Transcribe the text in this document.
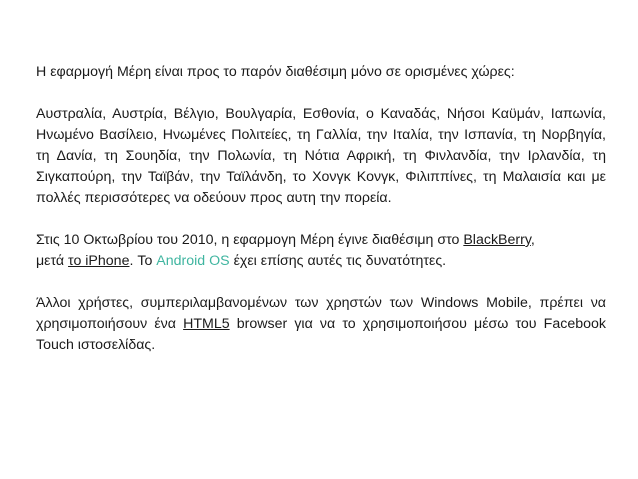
Η εφαρμογή Μέρη είναι προς το παρόν διαθέσιμη μόνο σε ορισμένες χώρες:

Αυστραλία, Αυστρία, Βέλγιο, Βουλγαρία, Εσθονία, ο Καναδάς, Νήσοι Καϋμάν, Ιαπωνία, Ηνωμένο Βασίλειο, Ηνωμένες Πολιτείες, τη Γαλλία, την Ιταλία, την Ισπανία, τη Νορβηγία, τη Δανία, τη Σουηδία, την Πολωνία, τη Νότια Αφρική, τη Φινλανδία, την Ιρλανδία, τη Σιγκαπούρη, την Ταϊβάν, την Ταϊλάνδη, το Χονγκ Κονγκ, Φιλιππίνες, τη Μαλαισία και με πολλές περισσότερες να οδεύουν προς αυτη την πορεία.

Στις 10 Οκτωβρίου του 2010, η εφαρμογη Μέρη έγινε διαθέσιμη στο BlackBerry,
μετά το iPhone. Το Android OS έχει επίσης αυτές τις δυνατότητες.

Άλλοι χρήστες, συμπεριλαμβανομένων των χρηστών των Windows Mobile, πρέπει να χρησιμοποιήσουν ένα HTML5 browser για να το χρησιμοποιήσου μέσω του Facebook Touch ιστοσελίδας.
